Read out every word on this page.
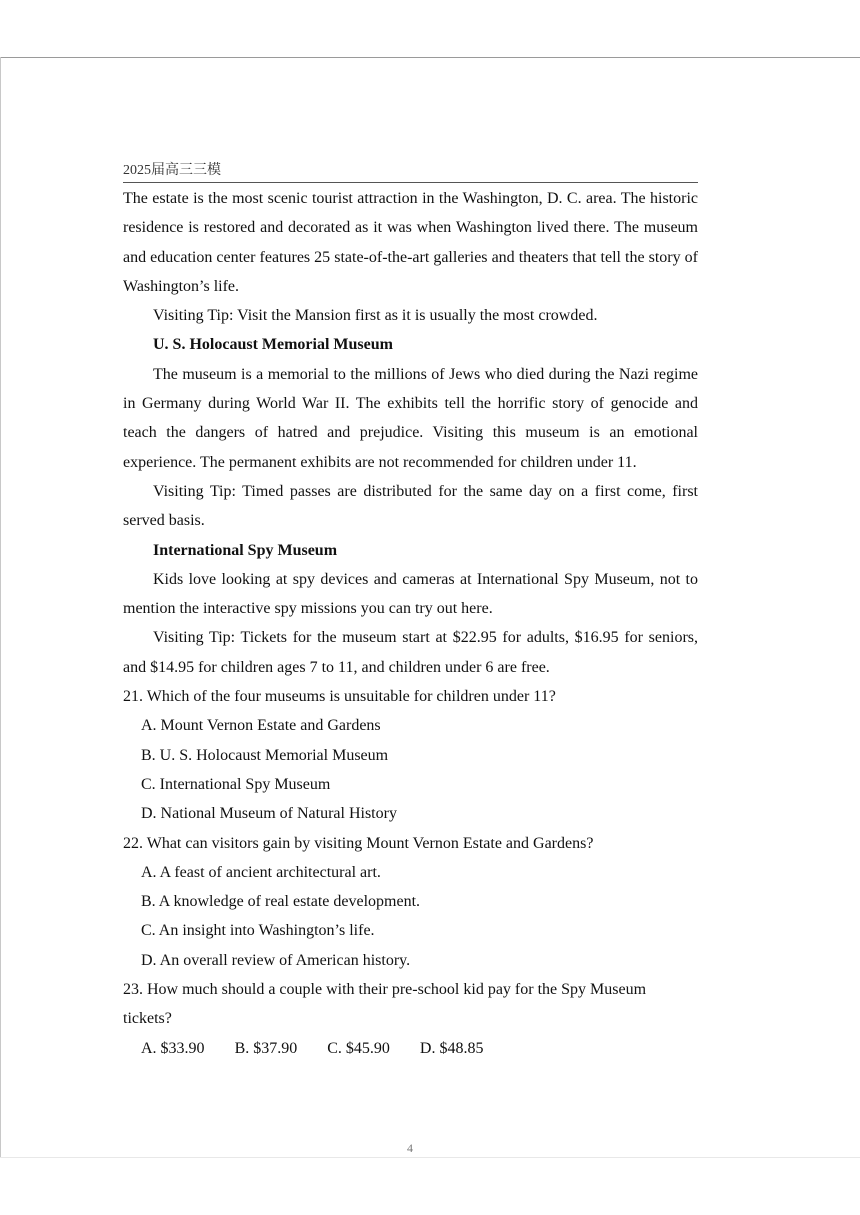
2025届高三三模

The estate is the most scenic tourist attraction in the Washington, D. C. area. The historic residence is restored and decorated as it was when Washington lived there. The museum and education center features 25 state-of-the-art galleries and theaters that tell the story of Washington’s life.

Visiting Tip: Visit the Mansion first as it is usually the most crowded.

U. S. Holocaust Memorial Museum

The museum is a memorial to the millions of Jews who died during the Nazi regime in Germany during World War II. The exhibits tell the horrific story of genocide and teach the dangers of hatred and prejudice. Visiting this museum is an emotional experience. The permanent exhibits are not recommended for children under 11.

Visiting Tip: Timed passes are distributed for the same day on a first come, first served basis.

International Spy Museum

Kids love looking at spy devices and cameras at International Spy Museum, not to mention the interactive spy missions you can try out here.

Visiting Tip: Tickets for the museum start at $22.95 for adults, $16.95 for seniors, and $14.95 for children ages 7 to 11, and children under 6 are free.

21. Which of the four museums is unsuitable for children under 11?

A. Mount Vernon Estate and Gardens

B. U. S. Holocaust Memorial Museum

C. International Spy Museum

D. National Museum of Natural History

22. What can visitors gain by visiting Mount Vernon Estate and Gardens?

A. A feast of ancient architectural art.

B. A knowledge of real estate development.

C. An insight into Washington’s life.

D. An overall review of American history.

23. How much should a couple with their pre-school kid pay for the Spy Museum tickets?

A. $33.90 B. $37.90 C. $45.90 D. $48.85

4
